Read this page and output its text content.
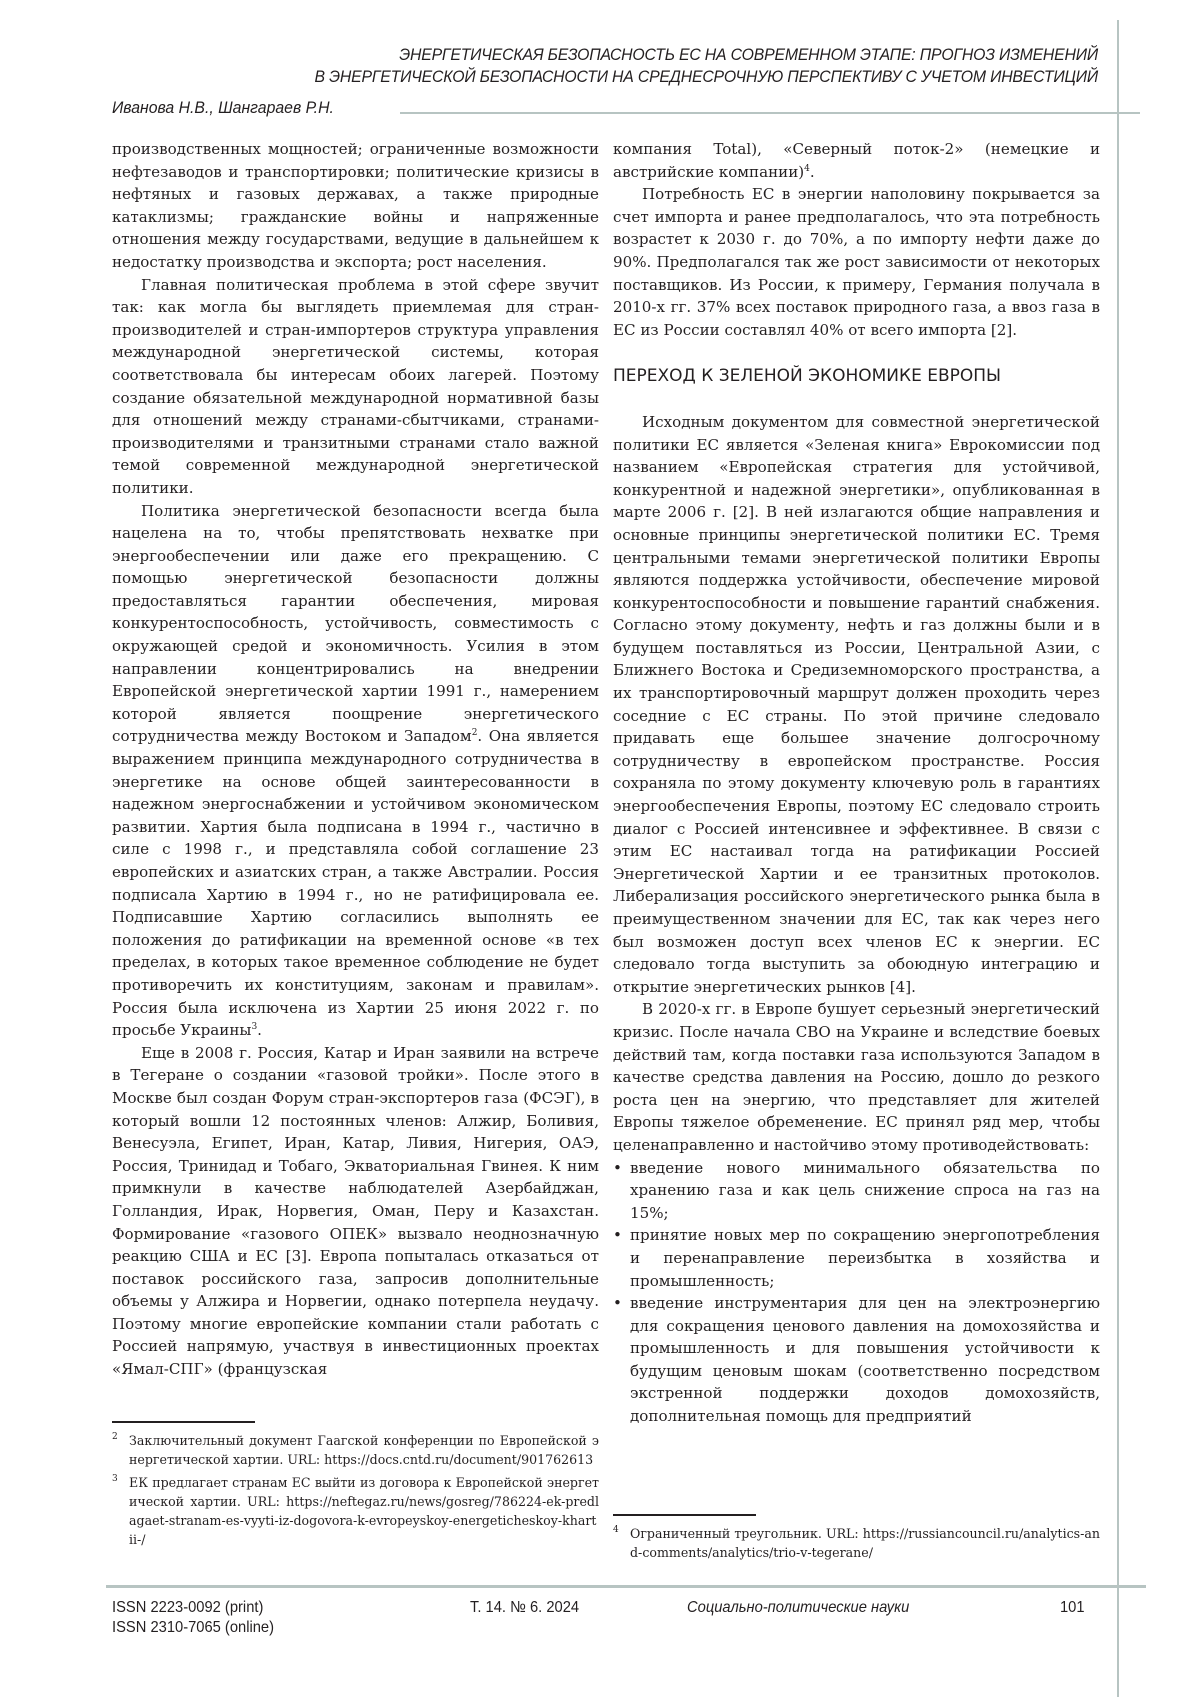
ЭНЕРГЕТИЧЕСКАЯ БЕЗОПАСНОСТЬ ЕС НА СОВРЕМЕННОМ ЭТАПЕ: ПРОГНОЗ ИЗМЕНЕНИЙ
В ЭНЕРГЕТИЧЕСКОЙ БЕЗОПАСНОСТИ НА СРЕДНЕСРОЧНУЮ ПЕРСПЕКТИВУ С УЧЕТОМ ИНВЕСТИЦИЙ
Иванова Н.В., Шангараев Р.Н.

производственных мощностей; ограниченные возможности нефтезаводов и транспортировки; политические кризисы в нефтяных и газовых державах, а также природные катаклизмы; гражданские войны и напряженные отношения между государствами, ведущие в дальнейшем к недостатку производства и экспорта; рост населения.

Главная политическая проблема в этой сфере звучит так: как могла бы выглядеть приемлемая для стран-производителей и стран-импортеров структура управления международной энергетической системы, которая соответствовала бы интересам обоих лагерей. Поэтому создание обязательной международной нормативной базы для отношений между странами-сбытчиками, странами-производителями и транзитными странами стало важной темой современной международной энергетической политики.

Политика энергетической безопасности всегда была нацелена на то, чтобы препятствовать нехватке при энергообеспечении или даже его прекращению. С помощью энергетической безопасности должны предоставляться гарантии обеспечения, мировая конкурентоспособность, устойчивость, совместимость с окружающей средой и экономичность. Усилия в этом направлении концентрировались на внедрении Европейской энергетической хартии 1991 г., намерением которой является поощрение энергетического сотрудничества между Востоком и Западом$^2$. Она является выражением принципа международного сотрудничества в энергетике на основе общей заинтересованности в надежном энергоснабжении и устойчивом экономическом развитии. Хартия была подписана в 1994 г., частично в силе с 1998 г., и представляла собой соглашение 23 европейских и азиатских стран, а также Австралии. Россия подписала Хартию в 1994 г., но не ратифицировала ее. Подписавшие Хартию согласились выполнять ее положения до ратификации на временной основе «в тех пределах, в которых такое временное соблюдение не будет противоречить их конституциям, законам и правилам». Россия была исключена из Хартии 25 июня 2022 г. по просьбе Украины$^3$.

Еще в 2008 г. Россия, Катар и Иран заявили на встрече в Тегеране о создании «газовой тройки». После этого в Москве был создан Форум стран-экспортеров газа (ФСЭГ), в который вошли 12 постоянных членов: Алжир, Боливия, Венесуэла, Египет, Иран, Катар, Ливия, Нигерия, ОАЭ, Россия, Тринидад и Тобаго, Экваториальная Гвинея. К ним примкнули в качестве наблюдателей Азербайджан, Голландия, Ирак, Норвегия, Оман, Перу и Казахстан. Формирование «газового ОПЕК» вызвало неоднозначную реакцию США и ЕС [3]. Европа попыталась отказаться от поставок российского газа, запросив дополнительные объемы у Алжира и Норвегии, однако потерпела неудачу. Поэтому многие европейские компании стали работать с Россией напрямую, участвуя в инвестиционных проектах «Ямал-СПГ» (французская

2 Заключительный документ Гаагской конференции по Европейской энергетической хартии. URL: https://docs.cntd.ru/document/901762613
3 ЕК предлагает странам ЕС выйти из договора к Европейской энергетической хартии. URL: https://neftegaz.ru/news/gosreg/786224-ek-predlagaet-stranam-es-vyyti-iz-dogovora-k-evropeyskoy-energeticheskoy-khartii-/

компания Total), «Северный поток-2» (немецкие и австрийские компании)$^4$.

Потребность ЕС в энергии наполовину покрывается за счет импорта и ранее предполагалось, что эта потребность возрастет к 2030 г. до 70%, а по импорту нефти даже до 90%. Предполагался так же рост зависимости от некоторых поставщиков. Из России, к примеру, Германия получала в 2010-х гг. 37% всех поставок природного газа, а ввоз газа в ЕС из России составлял 40% от всего импорта [2].

ПЕРЕХОД К ЗЕЛЕНОЙ ЭКОНОМИКЕ ЕВРОПЫ

Исходным документом для совместной энергетической политики ЕС является «Зеленая книга» Еврокомиссии под названием «Европейская стратегия для устойчивой, конкурентной и надежной энергетики», опубликованная в марте 2006 г. [2]. В ней излагаются общие направления и основные принципы энергетической политики ЕС. Тремя центральными темами энергетической политики Европы являются поддержка устойчивости, обеспечение мировой конкурентоспособности и повышение гарантий снабжения. Согласно этому документу, нефть и газ должны были и в будущем поставляться из России, Центральной Азии, с Ближнего Востока и Средиземноморского пространства, а их транспортировочный маршрут должен проходить через соседние с ЕС страны. По этой причине следовало придавать еще большее значение долгосрочному сотрудничеству в европейском пространстве. Россия сохраняла по этому документу ключевую роль в гарантиях энергообеспечения Европы, поэтому ЕС следовало строить диалог с Россией интенсивнее и эффективнее. В связи с этим ЕС настаивал тогда на ратификации Россией Энергетической Хартии и ее транзитных протоколов. Либерализация российского энергетического рынка была в преимущественном значении для ЕС, так как через него был возможен доступ всех членов ЕС к энергии. ЕС следовало тогда выступить за обоюдную интеграцию и открытие энергетических рынков [4].

В 2020-х гг. в Европе бушует серьезный энергетический кризис. После начала СВО на Украине и вследствие боевых действий там, когда поставки газа используются Западом в качестве средства давления на Россию, дошло до резкого роста цен на энергию, что представляет для жителей Европы тяжелое обременение. ЕС принял ряд мер, чтобы целенаправленно и настойчиво этому противодействовать:

• введение нового минимального обязательства по хранению газа и как цель снижение спроса на газ на 15%;
• принятие новых мер по сокращению энергопотребления и перенаправление переизбытка в хозяйства и промышленность;
• введение инструментария для цен на электроэнергию для сокращения ценового давления на домохозяйства и промышленность и для повышения устойчивости к будущим ценовым шокам (соответственно посредством экстренной поддержки доходов домохозяйств, дополнительная помощь для предприятий
4 Ограниченный треугольник. URL: https://russiancouncil.ru/analytics-and-comments/analytics/trio-v-tegerane/
ISSN 2223-0092 (print)
ISSN 2310-7065 (online)
Т. 14. № 6. 2024	Социально-политические науки	101
